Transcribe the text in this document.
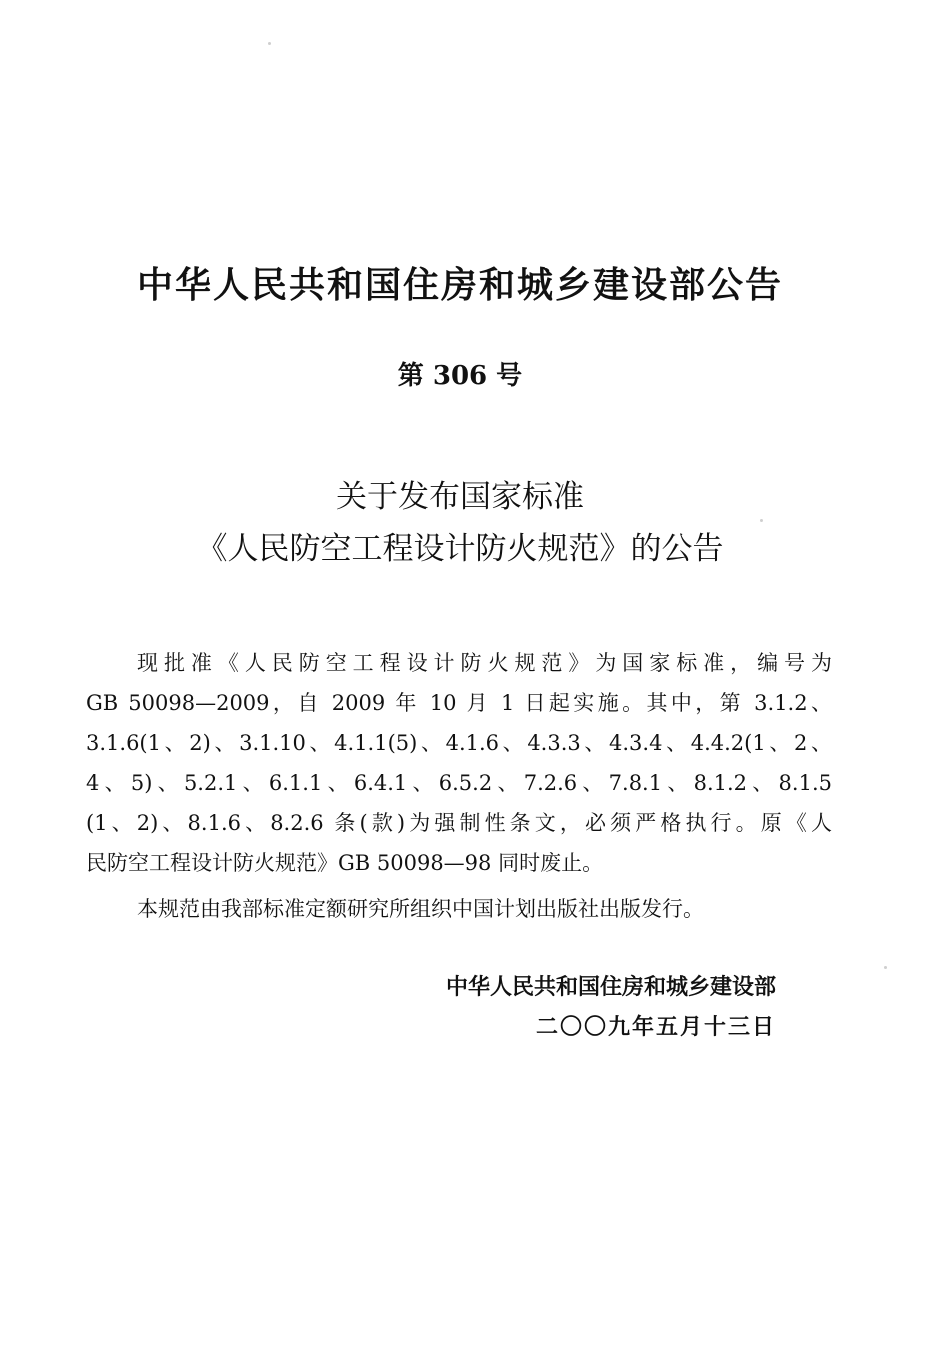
中华人民共和国住房和城乡建设部公告
第 306 号
关于发布国家标准
《人民防空工程设计防火规范》的公告
现批准《人民防空工程设计防火规范》为国家标准，编号为
GB 50098—2009，自 2009 年 10 月 1 日起实施。其中，第 3.1.2、
3.1.6(1、2)、3.1.10、4.1.1(5)、4.1.6、4.3.3、4.3.4、4.4.2(1、2、
4、5)、5.2.1、6.1.1、6.4.1、6.5.2、7.2.6、7.8.1、8.1.2、8.1.5
(1、2)、8.1.6、8.2.6 条(款)为强制性条文，必须严格执行。原《人
民防空工程设计防火规范》GB 50098—98 同时废止。
本规范由我部标准定额研究所组织中国计划出版社出版发行。
中华人民共和国住房和城乡建设部
二〇〇九年五月十三日
